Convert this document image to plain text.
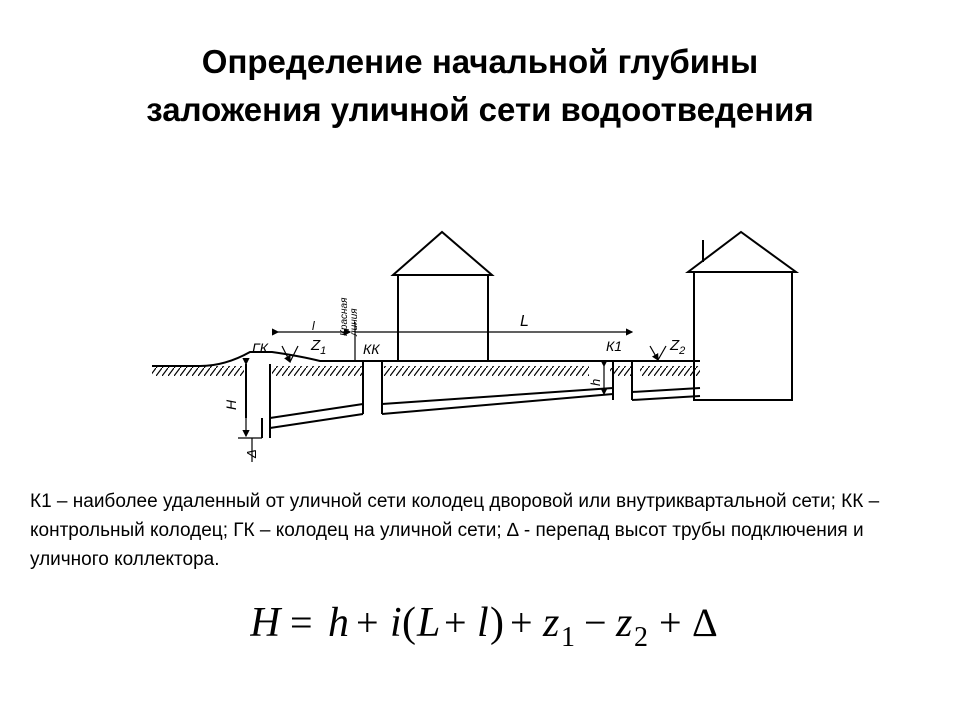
Определение начальной глубины
заложения уличной сети водоотведения
ГК	$Z_1$	КК
l	L
К1	$Z_2$
Красная линия
H
h
Δ
К1 – наиболее удаленный от уличной сети колодец дворовой или внутриквартальной сети; КК – контрольный колодец; ГК – колодец на уличной сети; ∆ - перепад высот трубы подключения и уличного коллектора.
H = h + i ( L + l ) + z 1 − z 2 + Δ
